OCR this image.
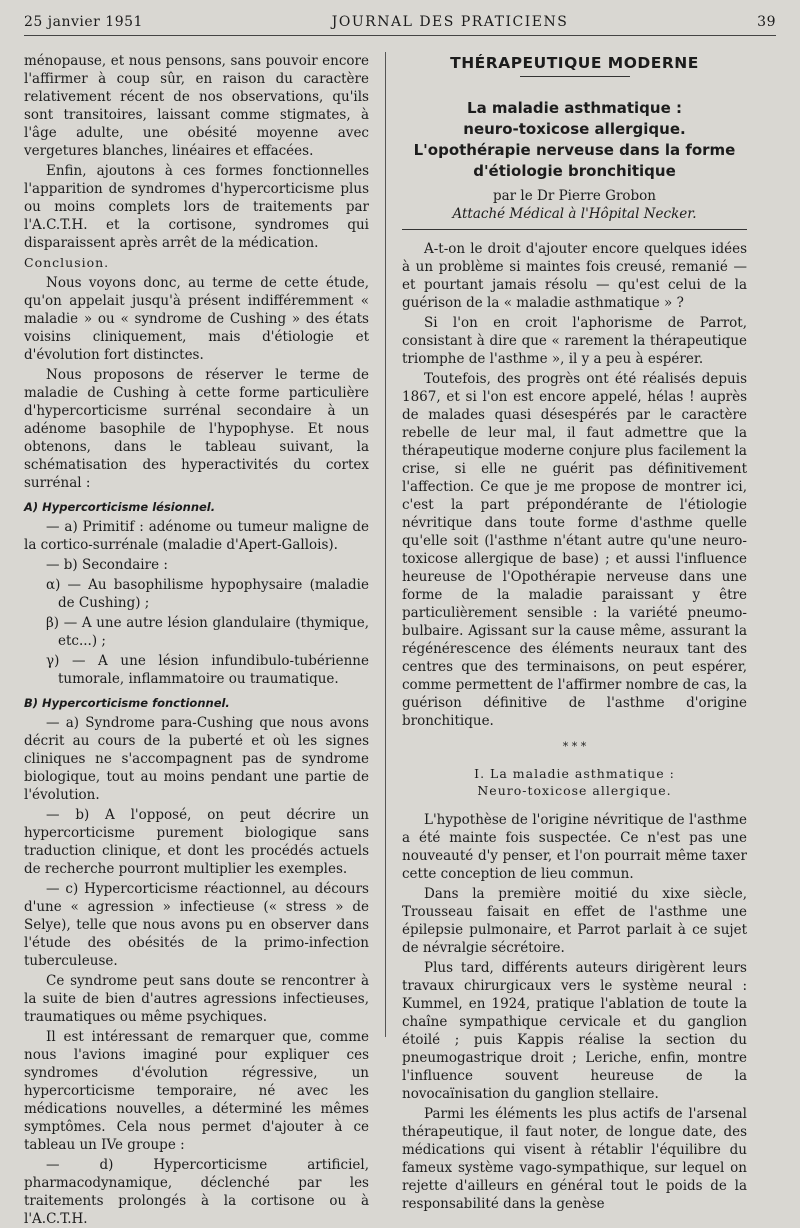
25 janvier 1951	JOURNAL DES PRATICIENS	39

ménopause, et nous pensons, sans pouvoir encore l'affirmer à coup sûr, en raison du caractère relativement récent de nos observations, qu'ils sont transitoires, laissant comme stigmates, à l'âge adulte, une obésité moyenne avec vergetures blanches, linéaires et effacées.

Enfin, ajoutons à ces formes fonctionnelles l'apparition de syndromes d'hypercorticisme plus ou moins complets lors de traitements par l'A.C.T.H. et la cortisone, syndromes qui disparaissent après arrêt de la médication.

Conclusion.

Nous voyons donc, au terme de cette étude, qu'on appelait jusqu'à présent indifféremment « maladie » ou « syndrome de Cushing » des états voisins cliniquement, mais d'étiologie et d'évolution fort distinctes.

Nous proposons de réserver le terme de maladie de Cushing à cette forme particulière d'hypercorticisme surrénal secondaire à un adénome basophile de l'hypophyse. Et nous obtenons, dans le tableau suivant, la schématisation des hyperactivités du cortex surrénal :

A) Hypercorticisme lésionnel.

— a) Primitif : adénome ou tumeur maligne de la cortico-surrénale (maladie d'Apert-Gallois).

— b) Secondaire :

α) — Au basophilisme hypophysaire (maladie de Cushing) ;

β) — A une autre lésion glandulaire (thymique, etc...) ;

γ) — A une lésion infundibulo-tubérienne tumorale, inflammatoire ou traumatique.

B) Hypercorticisme fonctionnel.

— a) Syndrome para-Cushing que nous avons décrit au cours de la puberté et où les signes cliniques ne s'accompagnent pas de syndrome biologique, tout au moins pendant une partie de l'évolution.

— b) A l'opposé, on peut décrire un hypercorticisme purement biologique sans traduction clinique, et dont les procédés actuels de recherche pourront multiplier les exemples.

— c) Hypercorticisme réactionnel, au décours d'une « agression » infectieuse (« stress » de Selye), telle que nous avons pu en observer dans l'étude des obésités de la primo-infection tuberculeuse.

Ce syndrome peut sans doute se rencontrer à la suite de bien d'autres agressions infectieuses, traumatiques ou même psychiques.

Il est intéressant de remarquer que, comme nous l'avions imaginé pour expliquer ces syndromes d'évolution régressive, un hypercorticisme temporaire, né avec les médications nouvelles, a déterminé les mêmes symptômes. Cela nous permet d'ajouter à ce tableau un IVe groupe :

— d) Hypercorticisme artificiel, pharmacodynamique, déclenché par les traitements prolongés à la cortisone ou à l'A.C.T.H.

THÉRAPEUTIQUE MODERNE
La maladie asthmatique :
neuro-toxicose allergique.
L'opothérapie nerveuse dans la forme
d'étiologie bronchitique
par le Dr Pierre Grobon
Attaché Médical à l'Hôpital Necker.

A-t-on le droit d'ajouter encore quelques idées à un problème si maintes fois creusé, remanié — et pourtant jamais résolu — qu'est celui de la guérison de la « maladie asthmatique » ?

Si l'on en croit l'aphorisme de Parrot, consistant à dire que « rarement la thérapeutique triomphe de l'asthme », il y a peu à espérer.

Toutefois, des progrès ont été réalisés depuis 1867, et si l'on est encore appelé, hélas ! auprès de malades quasi désespérés par le caractère rebelle de leur mal, il faut admettre que la thérapeutique moderne conjure plus facilement la crise, si elle ne guérit pas définitivement l'affection. Ce que je me propose de montrer ici, c'est la part prépondérante de l'étiologie névritique dans toute forme d'asthme quelle qu'elle soit (l'asthme n'étant autre qu'une neuro-toxicose allergique de base) ; et aussi l'influence heureuse de l'Opothérapie nerveuse dans une forme de la maladie paraissant y être particulièrement sensible : la variété pneumo-bulbaire. Agissant sur la cause même, assurant la régénérescence des éléments neuraux tant des centres que des terminaisons, on peut espérer, comme permettent de l'affirmer nombre de cas, la guérison définitive de l'asthme d'origine bronchitique.

* * *
I. La maladie asthmatique :
Neuro-toxicose allergique.

L'hypothèse de l'origine névritique de l'asthme a été mainte fois suspectée. Ce n'est pas une nouveauté d'y penser, et l'on pourrait même taxer cette conception de lieu commun.

Dans la première moitié du xixe siècle, Trousseau faisait en effet de l'asthme une épilepsie pulmonaire, et Parrot parlait à ce sujet de névralgie sécrétoire.

Plus tard, différents auteurs dirigèrent leurs travaux chirurgicaux vers le système neural : Kummel, en 1924, pratique l'ablation de toute la chaîne sympathique cervicale et du ganglion étoilé ; puis Kappis réalise la section du pneumogastrique droit ; Leriche, enfin, montre l'influence souvent heureuse de la novocaïnisation du ganglion stellaire.

Parmi les éléments les plus actifs de l'arsenal thérapeutique, il faut noter, de longue date, des médications qui visent à rétablir l'équilibre du fameux système vago-sympathique, sur lequel on rejette d'ailleurs en général tout le poids de la responsabilité dans la genèse
